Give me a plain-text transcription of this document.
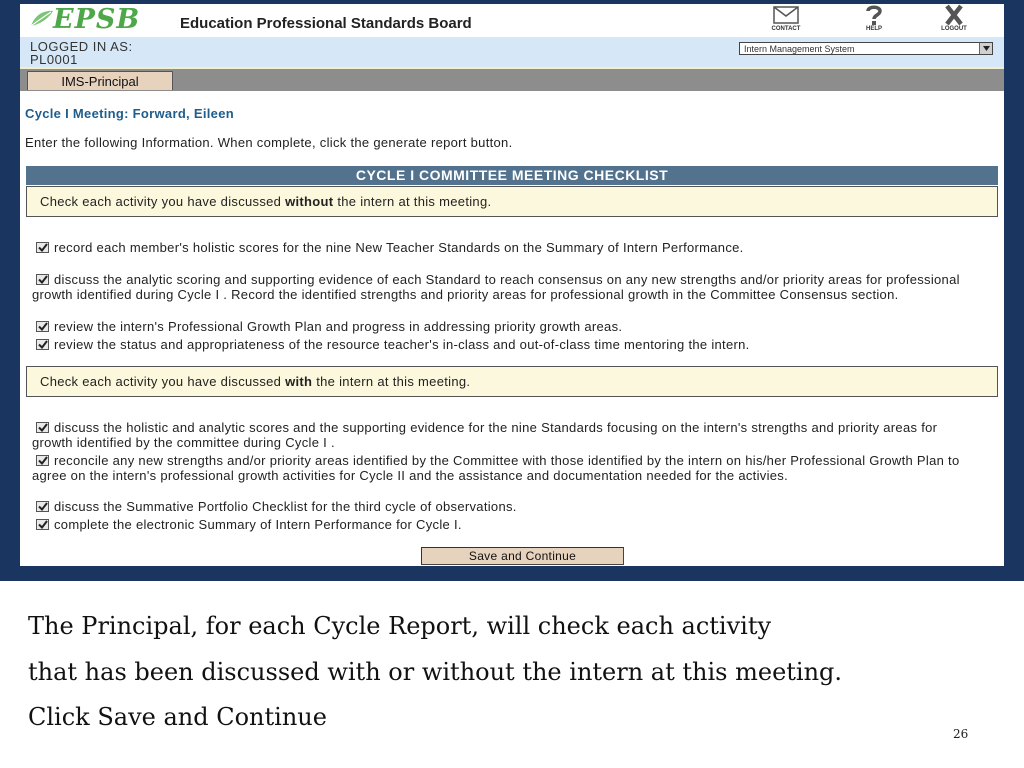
EPSB	Education Professional Standards Board	CONTACT	HELP	LOGOUT
LOGGED IN AS:
PL0001
Intern Management System
IMS-Principal
Cycle I Meeting: Forward, Eileen
Enter the following Information. When complete, click the generate report button.
CYCLE I COMMITTEE MEETING CHECKLIST
Check each activity you have discussed without the intern at this meeting.
record each member's holistic scores for the nine New Teacher Standards on the Summary of Intern Performance.
discuss the analytic scoring and supporting evidence of each Standard to reach consensus on any new strengths and/or priority areas for professional growth identified during Cycle I . Record the identified strengths and priority areas for professional growth in the Committee Consensus section.
review the intern's Professional Growth Plan and progress in addressing priority growth areas.
review the status and appropriateness of the resource teacher's in-class and out-of-class time mentoring the intern.
Check each activity you have discussed with the intern at this meeting.
discuss the holistic and analytic scores and the supporting evidence for the nine Standards focusing on the intern's strengths and priority areas for growth identified by the committee during Cycle I .
reconcile any new strengths and/or priority areas identified by the Committee with those identified by the intern on his/her Professional Growth Plan to agree on the intern's professional growth activities for Cycle II and the assistance and documentation needed for the activies.
discuss the Summative Portfolio Checklist for the third cycle of observations.
complete the electronic Summary of Intern Performance for Cycle I.
Save and Continue
The Principal, for each Cycle Report, will check each activity
that has been discussed with or without the intern at this meeting.
Click Save and Continue
26
